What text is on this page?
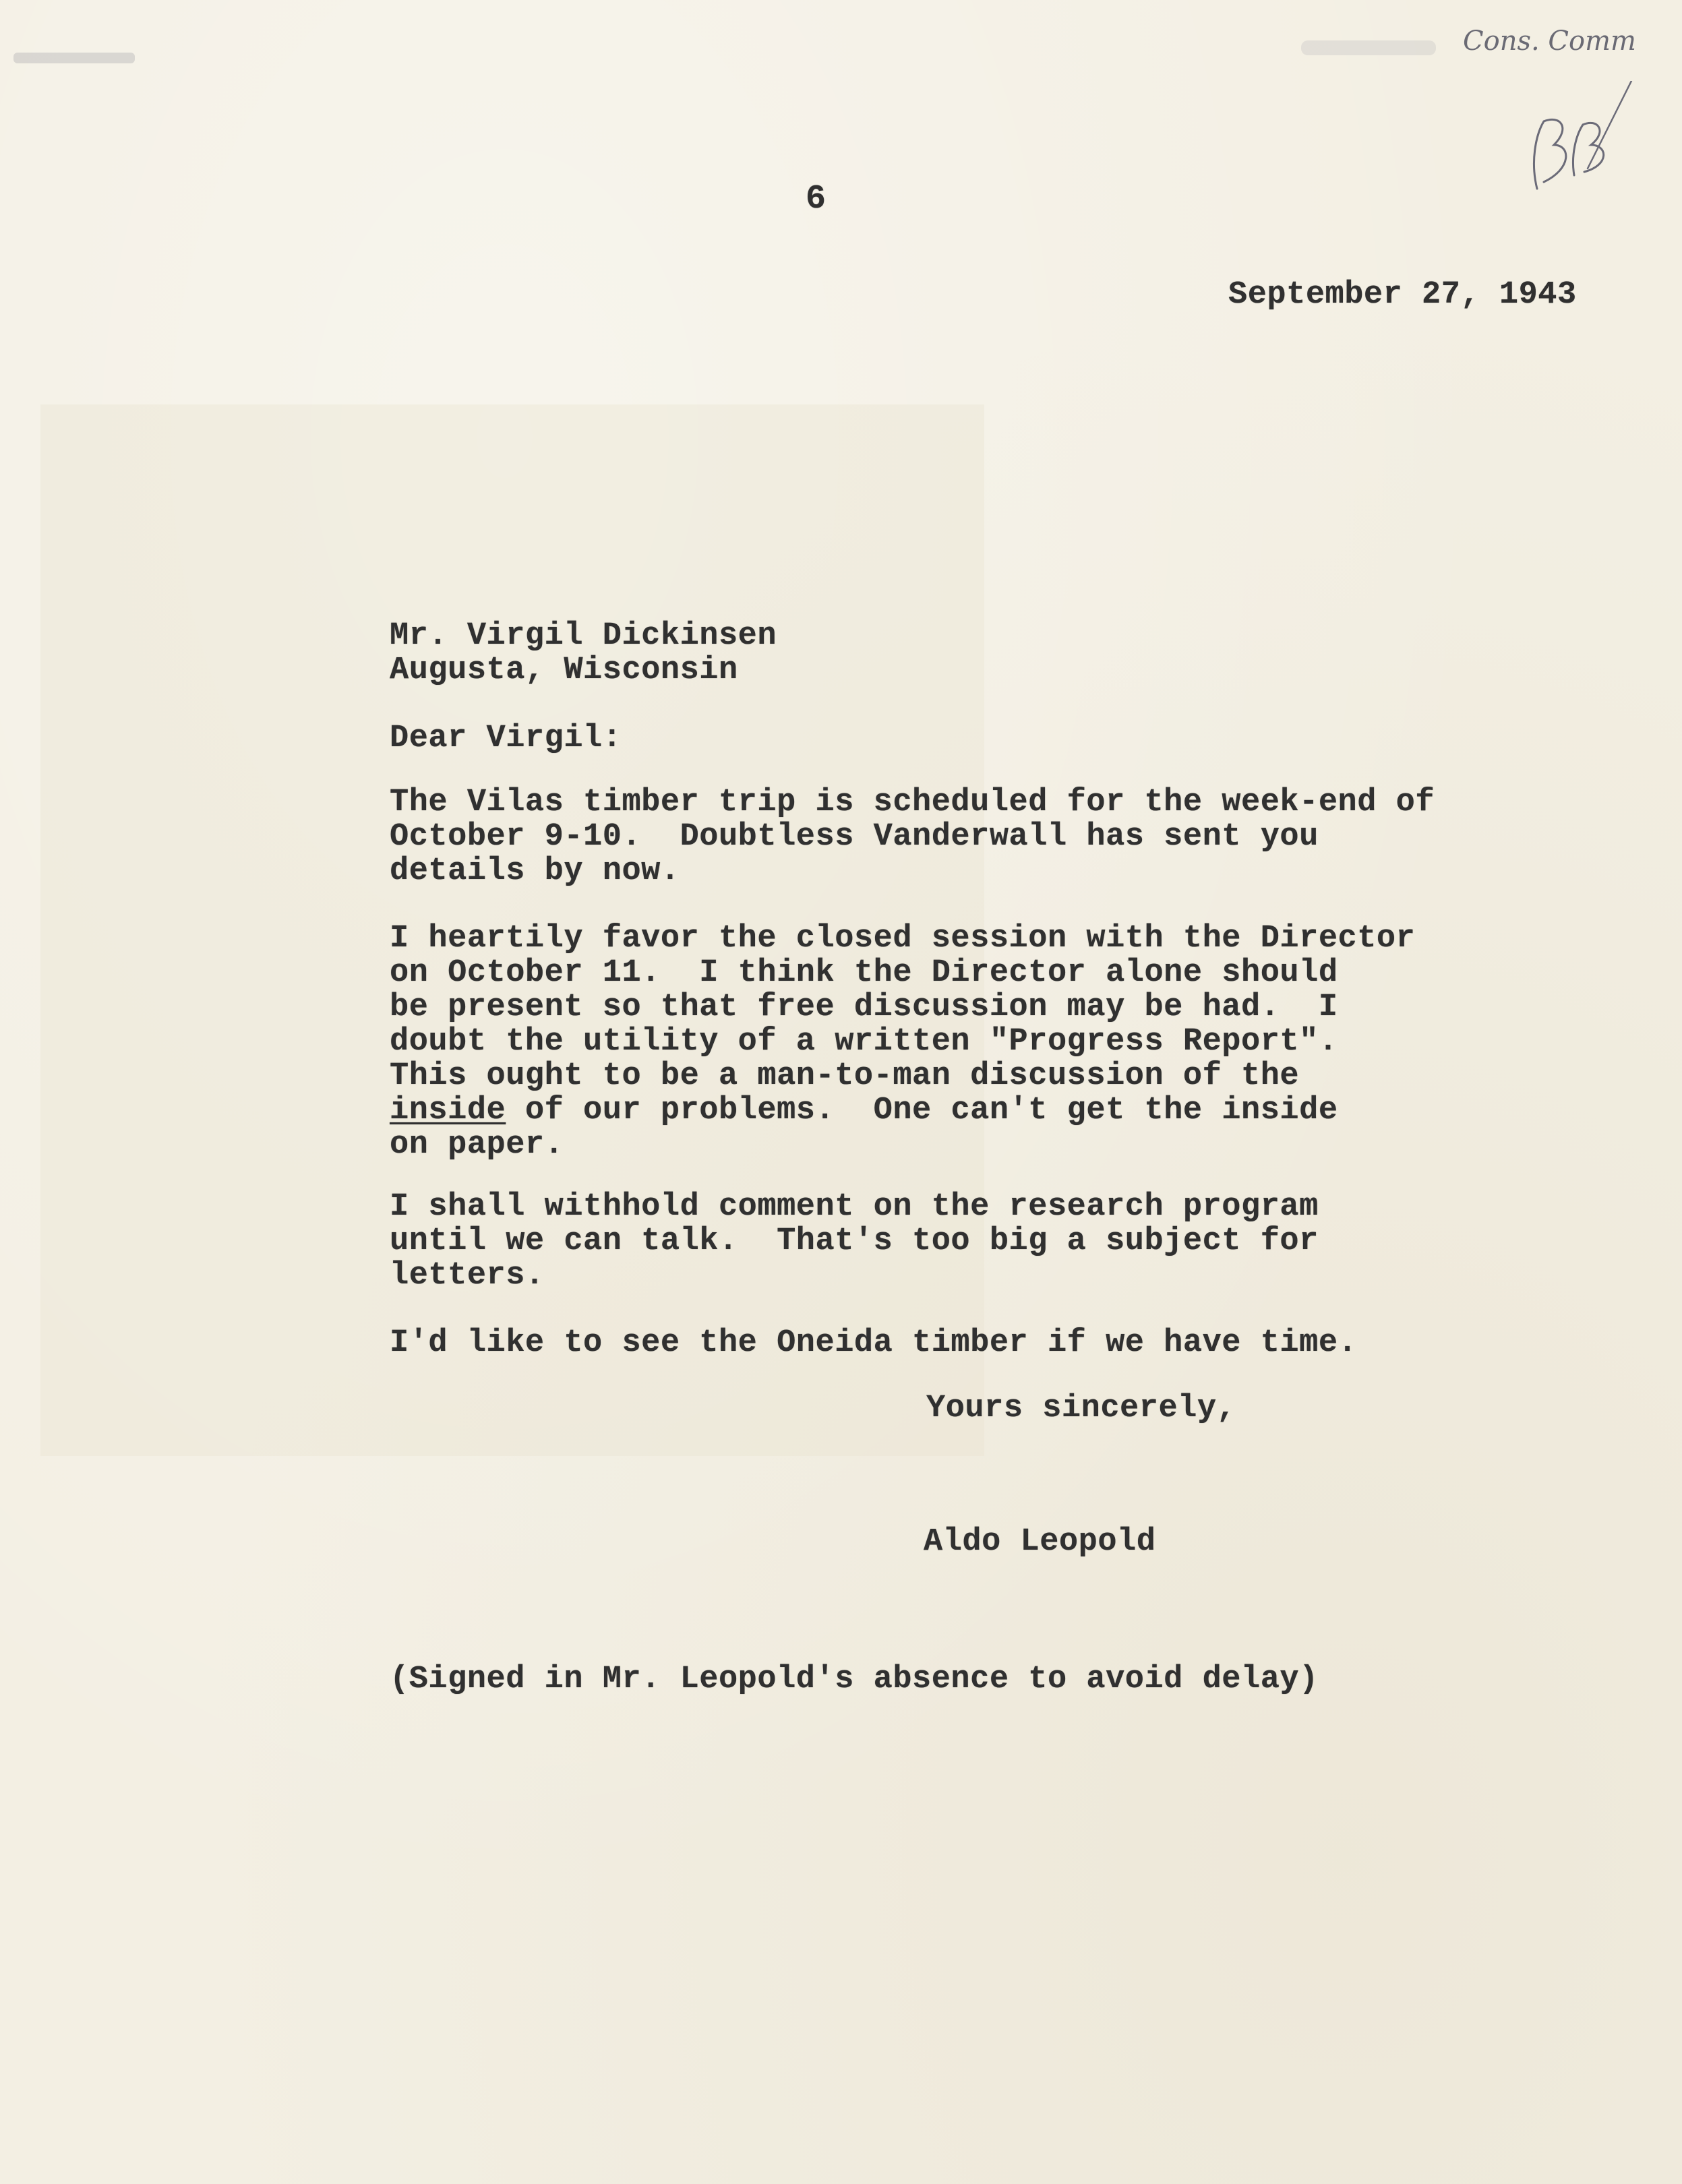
Cons. Comm

6

September 27, 1943

Mr. Virgil Dickinsen

Augusta, Wisconsin

Dear Virgil:

The Vilas timber trip is scheduled for the week-end of
October 9-10.  Doubtless Vanderwall has sent you
details by now.

I heartily favor the closed session with the Director
on October 11.  I think the Director alone should
be present so that free discussion may be had.  I
doubt the utility of a written "Progress Report".
This ought to be a man-to-man discussion of the
inside of our problems.  One can't get the inside
on paper.

I shall withhold comment on the research program
until we can talk.  That's too big a subject for
letters.

I'd like to see the Oneida timber if we have time.

Yours sincerely,

Aldo Leopold

(Signed in Mr. Leopold's absence to avoid delay)
